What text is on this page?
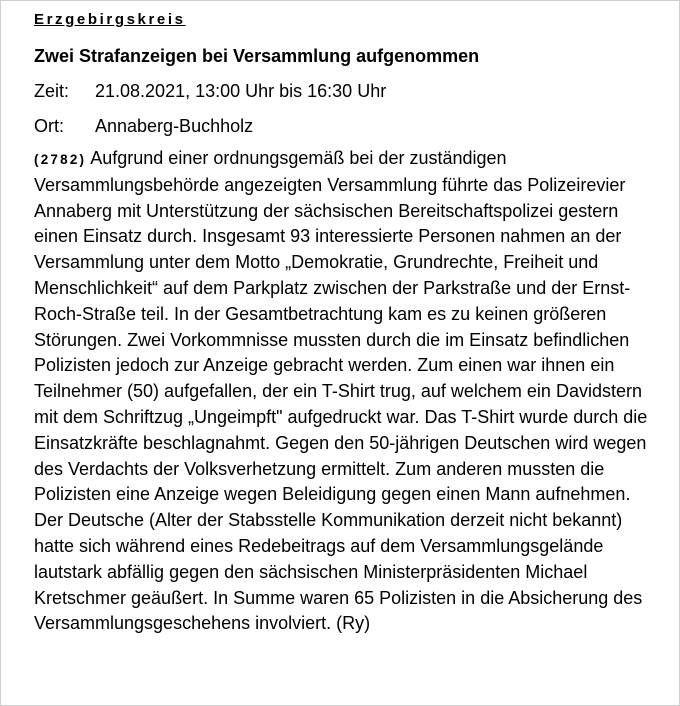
Erzgebirgskreis
Zwei Strafanzeigen bei Versammlung aufgenommen
Zeit:	21.08.2021, 13:00 Uhr bis 16:30 Uhr
Ort:	Annaberg-Buchholz

(2782) Aufgrund einer ordnungsgemäß bei der zuständigen Versammlungsbehörde angezeigten Versammlung führte das Polizeirevier Annaberg mit Unterstützung der sächsischen Bereitschaftspolizei gestern einen Einsatz durch. Insgesamt 93 interessierte Personen nahmen an der Versammlung unter dem Motto „Demokratie, Grundrechte, Freiheit und Menschlichkeit“ auf dem Parkplatz zwischen der Parkstraße und der Ernst-Roch-Straße teil. In der Gesamtbetrachtung kam es zu keinen größeren Störungen. Zwei Vorkommnisse mussten durch die im Einsatz befindlichen Polizisten jedoch zur Anzeige gebracht werden. Zum einen war ihnen ein Teilnehmer (50) aufgefallen, der ein T-Shirt trug, auf welchem ein Davidstern mit dem Schriftzug „Ungeimpft" aufgedruckt war. Das T-Shirt wurde durch die Einsatzkräfte beschlagnahmt. Gegen den 50-jährigen Deutschen wird wegen des Verdachts der Volksverhetzung ermittelt. Zum anderen mussten die Polizisten eine Anzeige wegen Beleidigung gegen einen Mann aufnehmen. Der Deutsche (Alter der Stabsstelle Kommunikation derzeit nicht bekannt) hatte sich während eines Redebeitrags auf dem Versammlungsgelände lautstark abfällig gegen den sächsischen Ministerpräsidenten Michael Kretschmer geäußert. In Summe waren 65 Polizisten in die Absicherung des Versammlungsgeschehens involviert. (Ry)
